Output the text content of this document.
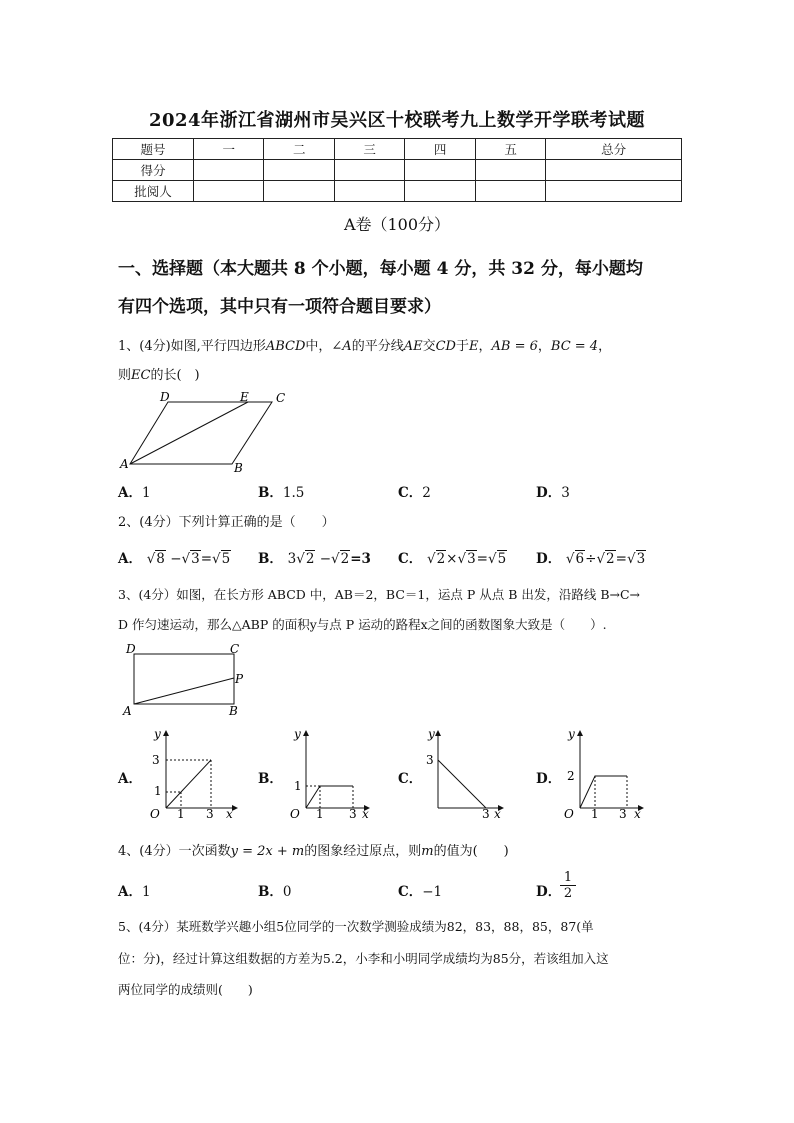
2024年浙江省湖州市吴兴区十校联考九上数学开学联考试题
题号	一	二	三	四	五	总分
得分						
批阅人						
A卷（100分）
一、选择题（本大题共 8 个小题，每小题 4 分，共 32 分，每小题均
有四个选项，其中只有一项符合题目要求）
1、(4分)如图,平行四边形ABCD中，∠A的平分线AE交CD于E，AB = 6，BC = 4，
则EC的长(　)
D	E C
A	B
A．1	B．1.5	C．2	D．3
2、(4分）下列计算正确的是（　　）
A． √8 −√3=√5 B． 3√2 −√2=3 C． √2×√3=√5 D． √6÷√2=√3
3、(4分）如图，在长方形 ABCD 中，AB＝2，BC＝1，运点 P 从点 B 出发，沿路线 B→C→
D 作匀速运动，那么△ABP 的面积y与点 P 运动的路程x之间的函数图象大致是（　　）.
D	C
P
A	B
A．
y
x
O
3
1
1 3
B．
y
x
O
1
1 3
C．
y
x
3
3
D．
y
x
O
2
1 3
4、(4分）一次函数y = 2x + m的图象经过原点，则m的值为(　　)
A．1	B．0	C．−1	D．
$\frac{1}{2}$
5、(4分）某班数学兴趣小组5位同学的一次数学测验成绩为82，83，88，85，87(单
位：分)，经过计算这组数据的方差为5.2，小李和小明同学成绩均为85分，若该组加入这
两位同学的成绩则(　　)
